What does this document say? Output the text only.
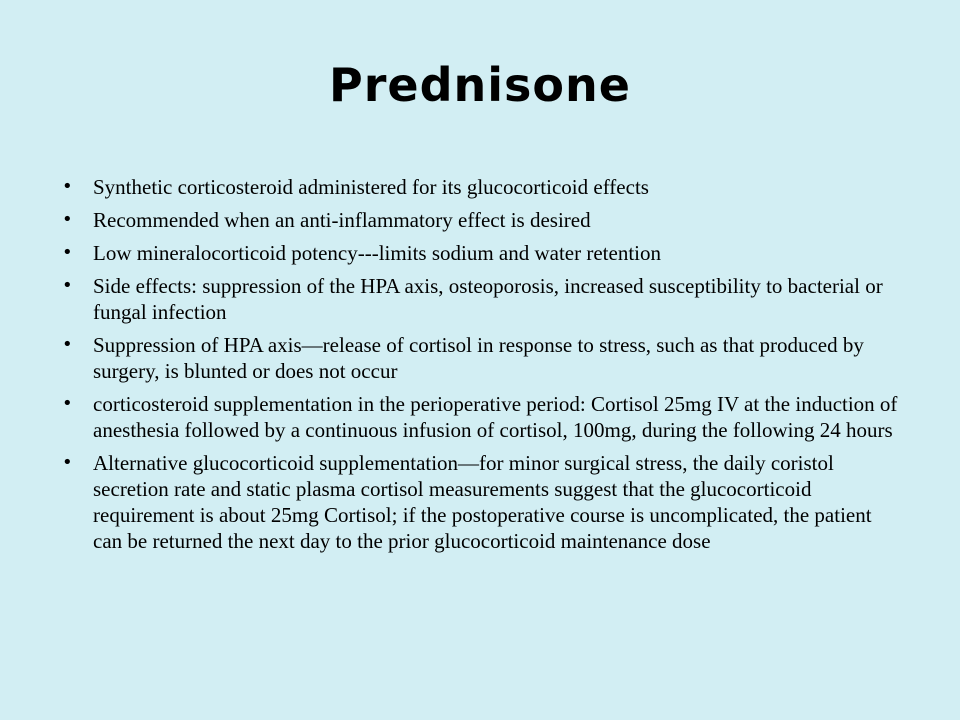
Prednisone
• Synthetic corticosteroid administered for its glucocorticoid effects
• Recommended when an anti-inflammatory effect is desired
• Low mineralocorticoid potency---limits sodium and water retention
• Side effects: suppression of the HPA axis, osteoporosis, increased susceptibility to bacterial or fungal infection
• Suppression of HPA axis—release of cortisol in response to stress, such as that produced by surgery, is blunted or does not occur
• corticosteroid supplementation in the perioperative period: Cortisol 25mg IV at the induction of anesthesia followed by a continuous infusion of cortisol, 100mg, during the following 24 hours
• Alternative glucocorticoid supplementation—for minor surgical stress, the daily coristol secretion rate and static plasma cortisol measurements suggest that the glucocorticoid requirement is about 25mg Cortisol; if the postoperative course is uncomplicated, the patient can be returned the next day to the prior glucocorticoid maintenance dose
